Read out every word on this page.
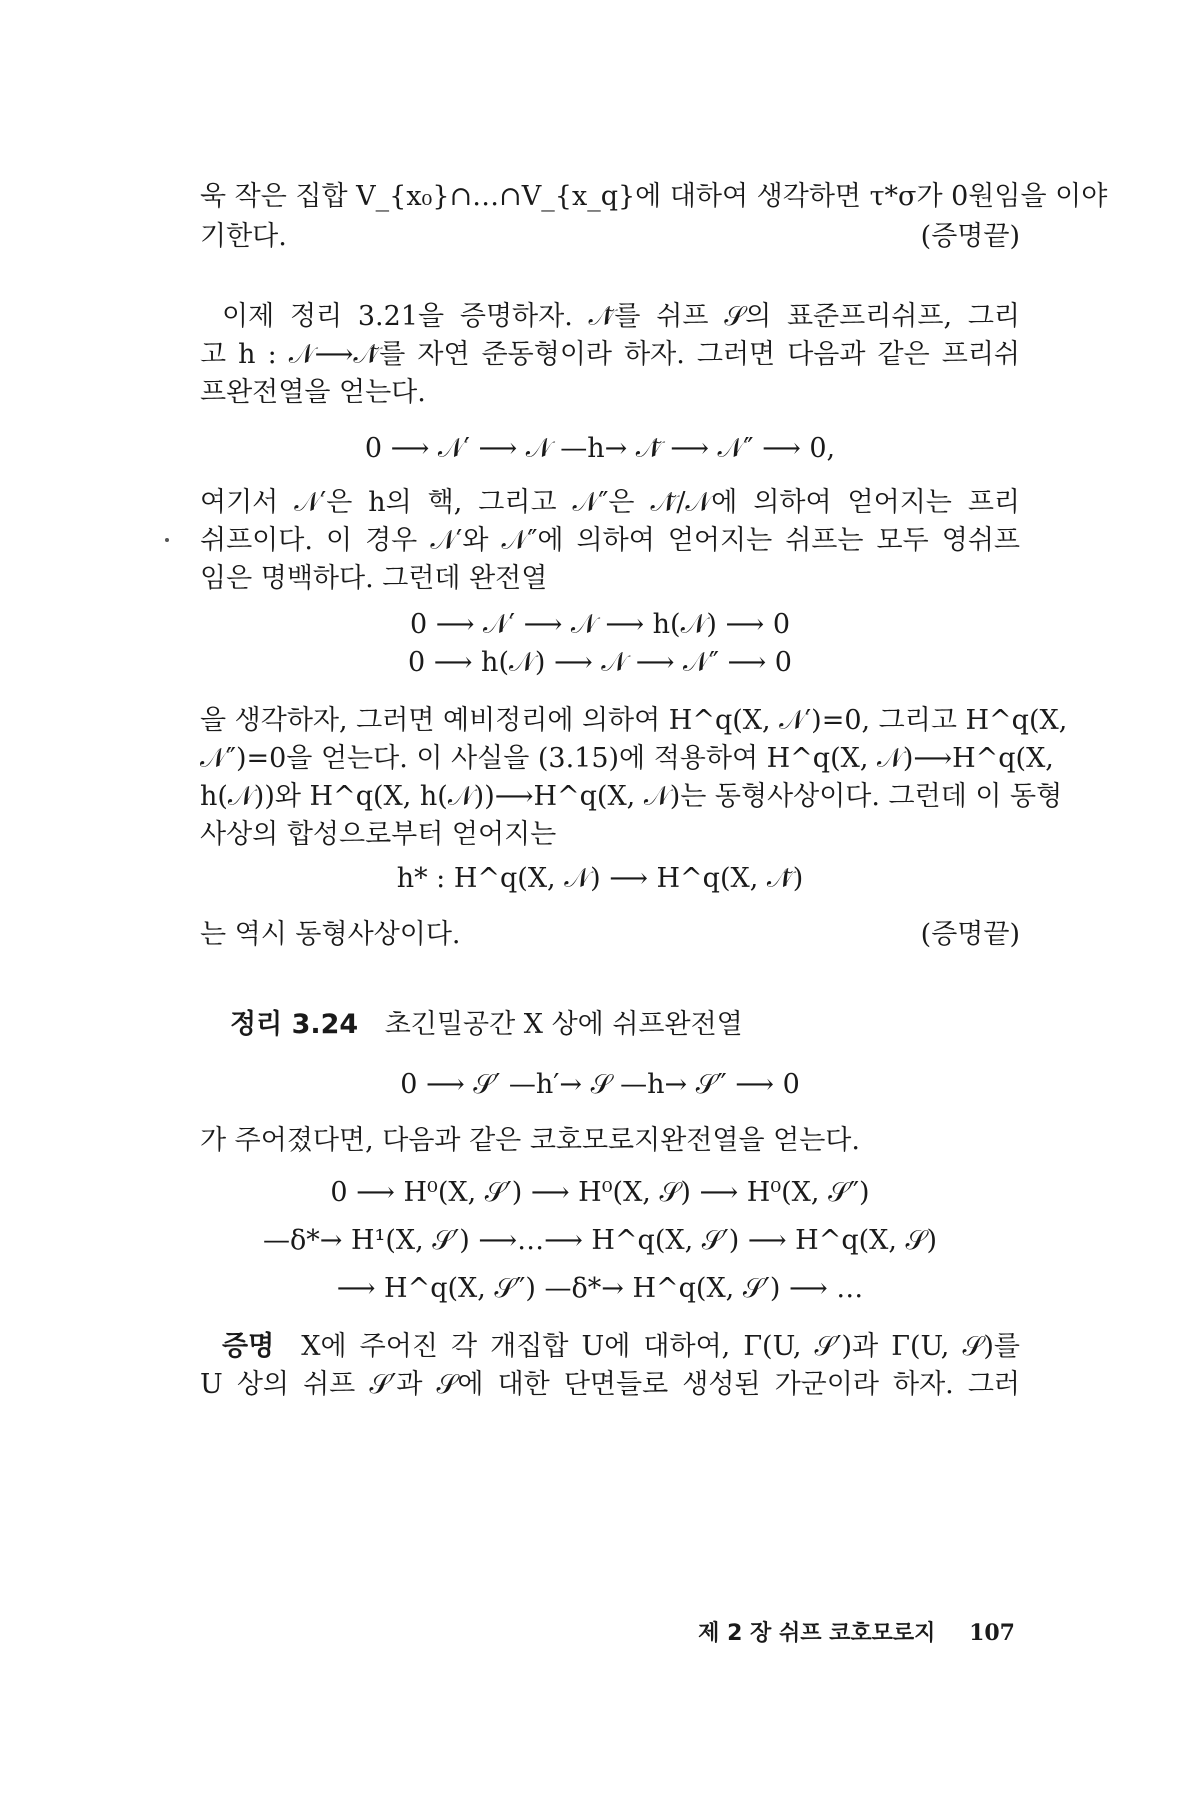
욱 작은 집합 V_{x₀}∩…∩V_{x_q}에 대하여 생각하면 τ*σ가 0원임을 이야
기한다.	(증명끝)
이제 정리 3.21을 증명하자. 𝒩̃를 쉬프 𝒮의 표준프리쉬프, 그리
고 h : 𝒩⟶𝒩̃를 자연 준동형이라 하자. 그러면 다음과 같은 프리쉬
프완전열을 얻는다.
0 ⟶ 𝒩′ ⟶ 𝒩 —h→ 𝒩̃ ⟶ 𝒩″ ⟶ 0,
여기서 𝒩′은 h의 핵, 그리고 𝒩″은 𝒩̃/𝒩에 의하여 얻어지는 프리
쉬프이다. 이 경우 𝒩′와 𝒩″에 의하여 얻어지는 쉬프는 모두 영쉬프
임은 명백하다. 그런데 완전열
0 ⟶ 𝒩′ ⟶ 𝒩 ⟶ h(𝒩) ⟶ 0
0 ⟶ h(𝒩) ⟶ 𝒩 ⟶ 𝒩″ ⟶ 0
을 생각하자, 그러면 예비정리에 의하여 H^q(X, 𝒩′)=0, 그리고 H^q(X,
𝒩″)=0을 얻는다. 이 사실을 (3.15)에 적용하여 H^q(X, 𝒩)⟶H^q(X,
h(𝒩))와 H^q(X, h(𝒩))⟶H^q(X, 𝒩)는 동형사상이다. 그런데 이 동형
사상의 합성으로부터 얻어지는
h* : H^q(X, 𝒩) ⟶ H^q(X, 𝒩̃)
는 역시 동형사상이다.	(증명끝)
정리 3.24 초긴밀공간 X 상에 쉬프완전열
0 ⟶ 𝒮′ —h′→ 𝒮 —h→ 𝒮″ ⟶ 0
가 주어졌다면, 다음과 같은 코호모로지완전열을 얻는다.
0 ⟶ H⁰(X, 𝒮′) ⟶ H⁰(X, 𝒮) ⟶ H⁰(X, 𝒮″)
—δ*→ H¹(X, 𝒮′) ⟶…⟶ H^q(X, 𝒮′) ⟶ H^q(X, 𝒮)
⟶ H^q(X, 𝒮″) —δ*→ H^q(X, 𝒮′) ⟶ …
증명 X에 주어진 각 개집합 U에 대하여, Γ(U, 𝒮′)과 Γ(U, 𝒮)를
U 상의 쉬프 𝒮′과 𝒮에 대한 단면들로 생성된 가군이라 하자. 그러
제 2 장 쉬프 코호모로지 107
